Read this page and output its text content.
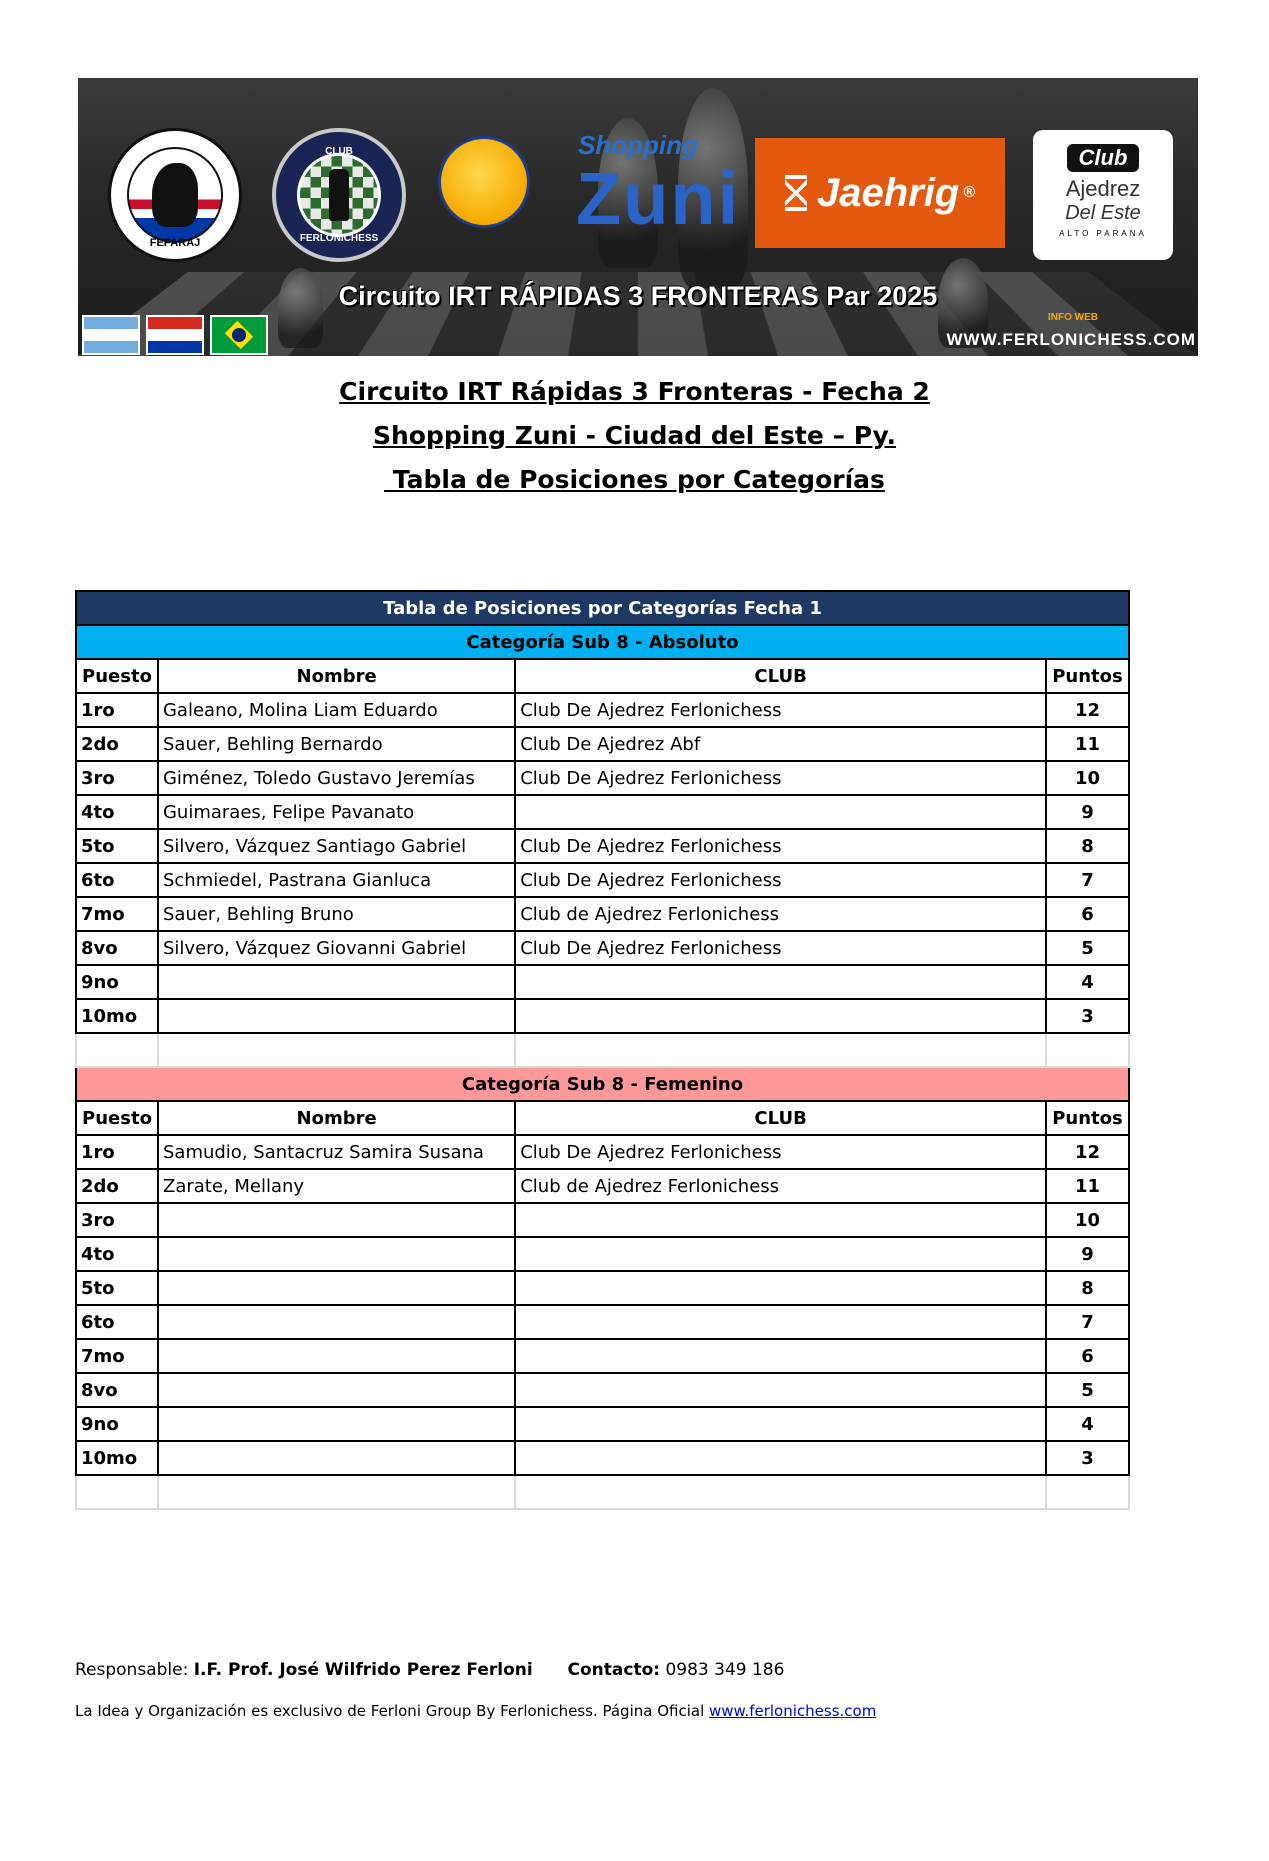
FEPARAJ
CLUB
FERLONICHESS
Shopping
Zuni Jaehrig ®
Club
Ajedrez
Del Este
ALTO PARANA
Circuito IRT RÁPIDAS 3 FRONTERAS Par 2025
INFO WEB
WWW.FERLONICHESS.COM
Circuito IRT Rápidas 3 Fronteras - Fecha 2
Shopping Zuni - Ciudad del Este – Py.
Tabla de Posiciones por Categorías
Tabla de Posiciones por Categorías Fecha 1			
Categoría Sub 8 - Absoluto			
Puesto	Nombre	CLUB	Puntos
1ro	Galeano, Molina Liam Eduardo	Club De Ajedrez Ferlonichess	12
2do	Sauer, Behling Bernardo	Club De Ajedrez Abf	11
3ro	Giménez, Toledo Gustavo Jeremías	Club De Ajedrez Ferlonichess	10
4to	Guimaraes, Felipe Pavanato		9
5to	Silvero, Vázquez Santiago Gabriel	Club De Ajedrez Ferlonichess	8
6to	Schmiedel, Pastrana Gianluca	Club De Ajedrez Ferlonichess	7
7mo	Sauer, Behling Bruno	Club de Ajedrez Ferlonichess	6
8vo	Silvero, Vázquez Giovanni Gabriel	Club De Ajedrez Ferlonichess	5
9no			4
10mo			3

Categoría Sub 8 - Femenino			
Puesto	Nombre	CLUB	Puntos
1ro	Samudio, Santacruz Samira Susana	Club De Ajedrez Ferlonichess	12
2do	Zarate, Mellany	Club de Ajedrez Ferlonichess	11
3ro			10
4to			9
5to			8
6to			7
7mo			6
8vo			5
9no			4
10mo			3

Responsable: I.F. Prof. José Wilfrido Perez Ferloni Contacto: 0983 349 186
La Idea y Organización es exclusivo de Ferloni Group By Ferlonichess. Página Oficial www.ferlonichess.com
